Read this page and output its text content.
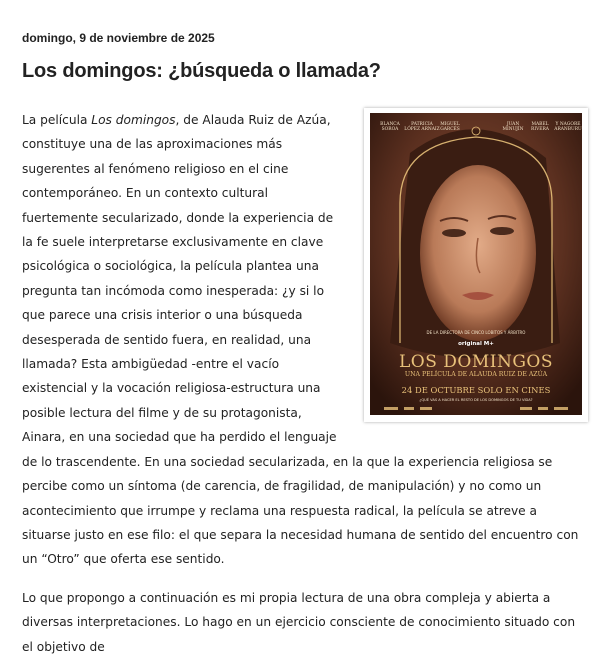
domingo, 9 de noviembre de 2025
Los domingos: ¿búsqueda o llamada?
BLANCA
SOROA
PATRICIA
LÓPEZ ARNAIZ
MIGUEL
GARCÉS
JUAN
MINUJÍN
MABEL
RIVERA
Y NAGORE
ARANBURU
DE LA DIRECTORA DE CINCO LOBITOS Y ÁRBITRO
original M+
LOS DOMINGOS
UNA PELÍCULA DE ALAUDA RUIZ DE AZÚA
24 DE OCTUBRE SOLO EN CINES
¿QUÉ VAS A HACER EL RESTO DE LOS DOMINGOS DE TU VIDA?

La película Los domingos, de Alauda Ruiz de Azúa, constituye una de las aproximaciones más sugerentes al fenómeno religioso en el cine contemporáneo. En un contexto cultural fuertemente secularizado, donde la experiencia de la fe suele interpretarse exclusivamente en clave psicológica o sociológica, la película plantea una pregunta tan incómoda como inesperada: ¿y si lo que parece una crisis interior o una búsqueda desesperada de sentido fuera, en realidad, una llamada? Esta ambigüedad -entre el vacío existencial y la vocación religiosa-estructura una posible lectura del filme y de su protagonista, Ainara, en una sociedad que ha perdido el lenguaje de lo trascendente. En una sociedad secularizada, en la que la experiencia religiosa se percibe como un síntoma (de carencia, de fragilidad, de manipulación) y no como un acontecimiento que irrumpe y reclama una respuesta radical, la película se atreve a situarse justo en ese filo: el que separa la necesidad humana de sentido del encuentro con un “Otro” que oferta ese sentido.

Lo que propongo a continuación es mi propia lectura de una obra compleja y abierta a diversas interpretaciones. Lo hago en un ejercicio consciente de conocimiento situado con el objetivo de
